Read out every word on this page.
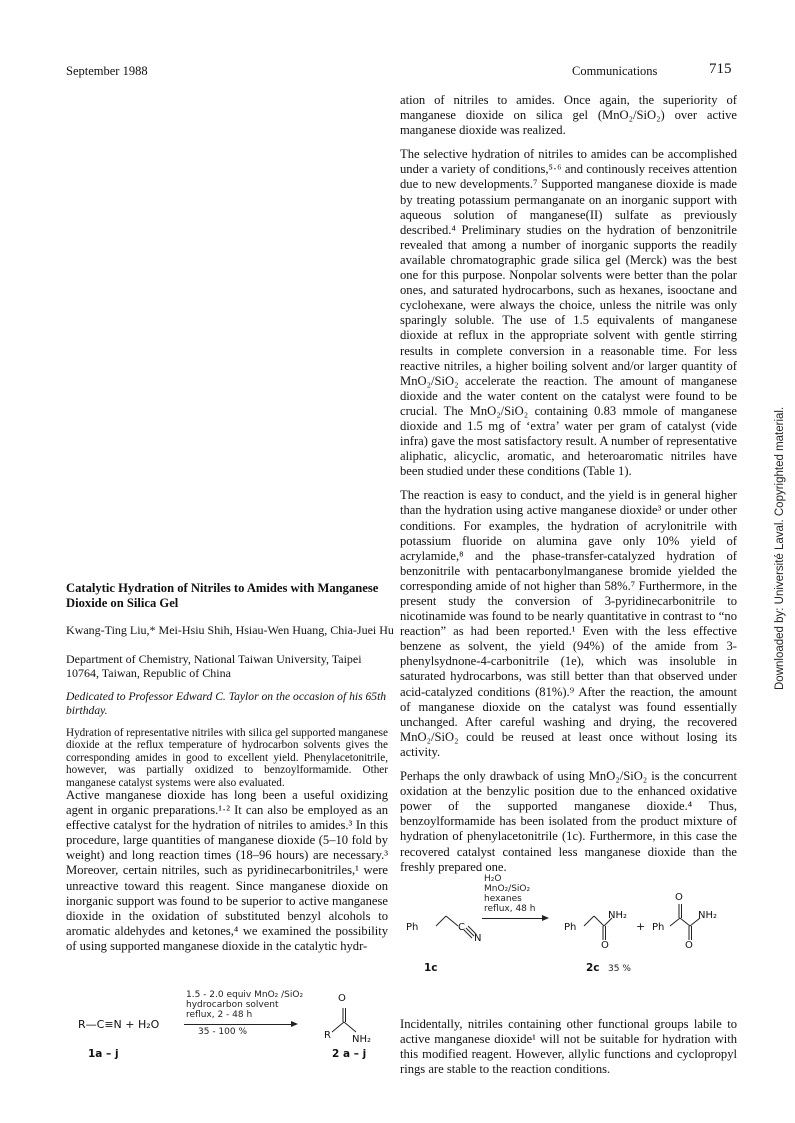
September 1988	Communications	715
Downloaded by: Université Laval. Copyrighted material.

ation of nitriles to amides. Once again, the superiority of manganese dioxide on silica gel (MnO₂/SiO₂) over active manganese dioxide was realized.

The selective hydration of nitriles to amides can be accomplished under a variety of conditions,⁵·⁶ and continously receives attention due to new developments.⁷ Supported manganese dioxide is made by treating potassium permanganate on an inorganic support with aqueous solution of manganese(II) sulfate as previously described.⁴ Preliminary studies on the hydration of benzonitrile revealed that among a number of inorganic supports the readily available chromatographic grade silica gel (Merck) was the best one for this purpose. Nonpolar solvents were better than the polar ones, and saturated hydrocarbons, such as hexanes, isooctane and cyclohexane, were always the choice, unless the nitrile was only sparingly soluble. The use of 1.5 equivalents of manganese dioxide at reflux in the appropriate solvent with gentle stirring results in complete conversion in a reasonable time. For less reactive nitriles, a higher boiling solvent and/or larger quantity of MnO₂/SiO₂ accelerate the reaction. The amount of manganese dioxide and the water content on the catalyst were found to be crucial. The MnO₂/SiO₂ containing 0.83 mmole of manganese dioxide and 1.5 mg of ‘extra’ water per gram of catalyst (vide infra) gave the most satisfactory result. A number of representative aliphatic, alicyclic, aromatic, and heteroaromatic nitriles have been studied under these conditions (Table 1).

The reaction is easy to conduct, and the yield is in general higher than the hydration using active manganese dioxide³ or under other conditions. For examples, the hydration of acrylonitrile with potassium fluoride on alumina gave only 10% yield of acrylamide,⁸ and the phase-transfer-catalyzed hydration of benzonitrile with pentacarbonylmanganese bromide yielded the corresponding amide of not higher than 58%.⁷ Furthermore, in the present study the conversion of 3-pyridinecarbonitrile to nicotinamide was found to be nearly quantitative in contrast to “no reaction” as had been reported.¹ Even with the less effective benzene as solvent, the yield (94%) of the amide from 3-phenylsydnone-4-carbonitrile (1e), which was insoluble in saturated hydrocarbons, was still better than that observed under acid-catalyzed conditions (81%).⁹ After the reaction, the amount of manganese dioxide on the catalyst was found essentially unchanged. After careful washing and drying, the recovered MnO₂/SiO₂ could be reused at least once without losing its activity.

Perhaps the only drawback of using MnO₂/SiO₂ is the concurrent oxidation at the benzylic position due to the enhanced oxidative power of the supported manganese dioxide.⁴ Thus, benzoylformamide has been isolated from the product mixture of hydration of phenylacetonitrile (1c). Furthermore, in this case the recovered catalyst contained less manganese dioxide than the freshly prepared one.

Catalytic Hydration of Nitriles to Amides with Manganese Dioxide on Silica Gel
Kwang-Ting Liu,* Mei-Hsiu Shih, Hsiau-Wen Huang, Chia-Juei Hu
Department of Chemistry, National Taiwan University, Taipei 10764, Taiwan, Republic of China
Dedicated to Professor Edward C. Taylor on the occasion of his 65th birthday.
Hydration of representative nitriles with silica gel supported manganese dioxide at the reflux temperature of hydrocarbon solvents gives the corresponding amides in good to excellent yield. Phenylacetonitrile, however, was partially oxidized to benzoylformamide. Other manganese catalyst systems were also evaluated.
Active manganese dioxide has long been a useful oxidizing agent in organic preparations.¹·² It can also be employed as an effective catalyst for the hydration of nitriles to amides.³ In this procedure, large quantities of manganese dioxide (5–10 fold by weight) and long reaction times (18–96 hours) are necessary.³ Moreover, certain nitriles, such as pyridinecarbonitriles,¹ were unreactive toward this reagent. Since manganese dioxide on inorganic support was found to be superior to active manganese dioxide in the oxidation of substituted benzyl alcohols to aromatic aldehydes and ketones,⁴ we examined the possibility of using supported manganese dioxide in the catalytic hydr-
1.5 - 2.0 equiv MnO₂ /SiO₂
hydrocarbon solvent
reflux, 2 - 48 h
35 - 100 %
R—C≡N + H₂O
O
R NH₂
1a – j	2 a – j
H₂O
MnO₂/SiO₂
hexanes
reflux, 48 h
Ph	C
N
Ph
NH₂
O
+
O
Ph
NH₂
O
1c	2c 35 %
Incidentally, nitriles containing other functional groups labile to active manganese dioxide¹ will not be suitable for hydration with this modified reagent. However, allylic functions and cyclopropyl rings are stable to the reaction conditions.
